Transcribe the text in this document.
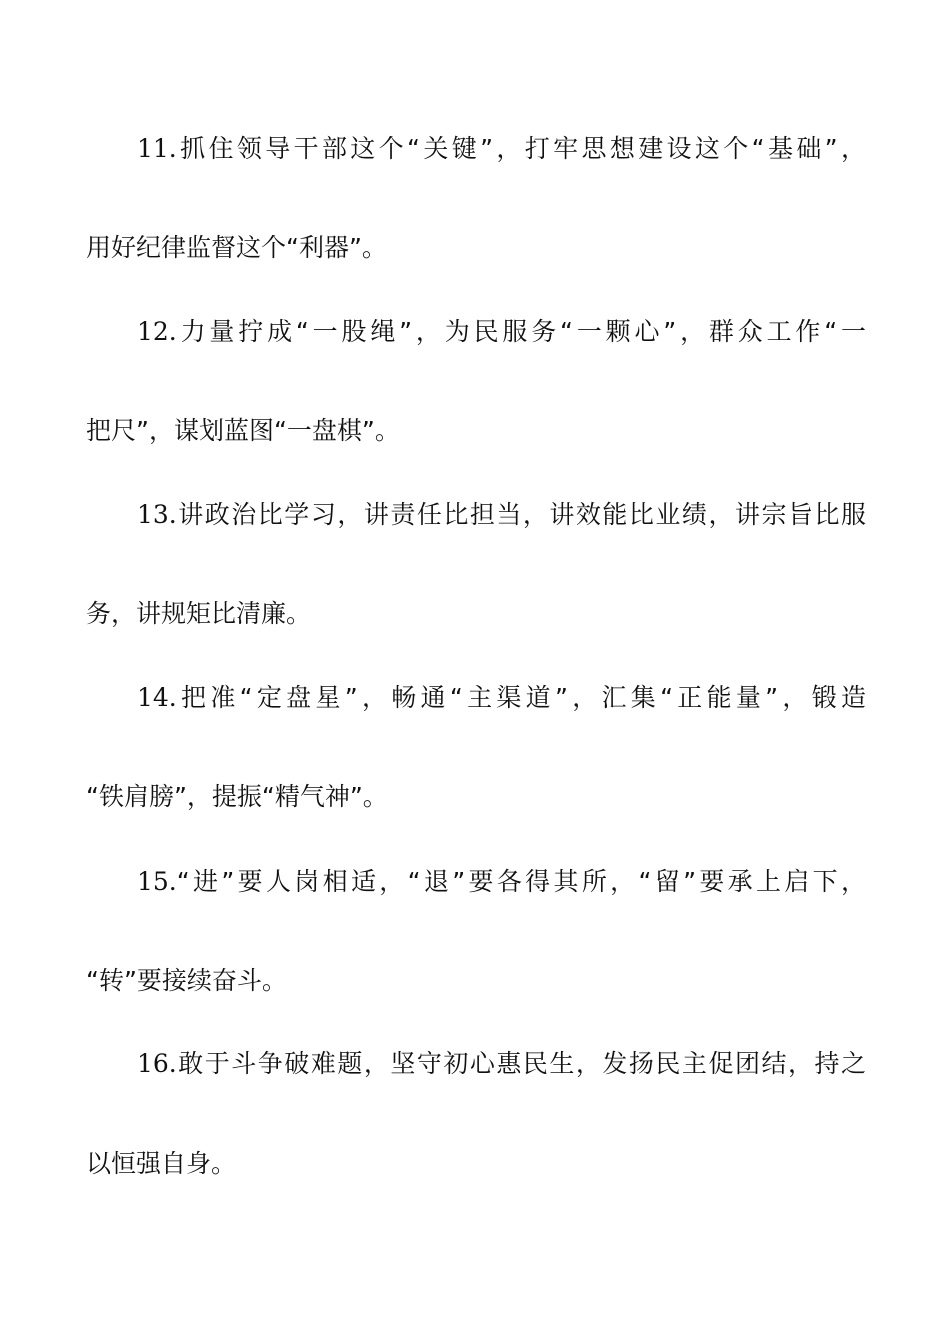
11.抓住领导干部这个“关键”，打牢思想建设这个“基础”，
用好纪律监督这个“利器”。
12.力量拧成“一股绳”，为民服务“一颗心”，群众工作“一
把尺”，谋划蓝图“一盘棋”。
13.讲政治比学习，讲责任比担当，讲效能比业绩，讲宗旨比服
务，讲规矩比清廉。
14.把准“定盘星”，畅通“主渠道”，汇集“正能量”，锻造
“铁肩膀”，提振“精气神”。
15.“进”要人岗相适，“退”要各得其所，“留”要承上启下，
“转”要接续奋斗。
16.敢于斗争破难题，坚守初心惠民生，发扬民主促团结，持之
以恒强自身。
